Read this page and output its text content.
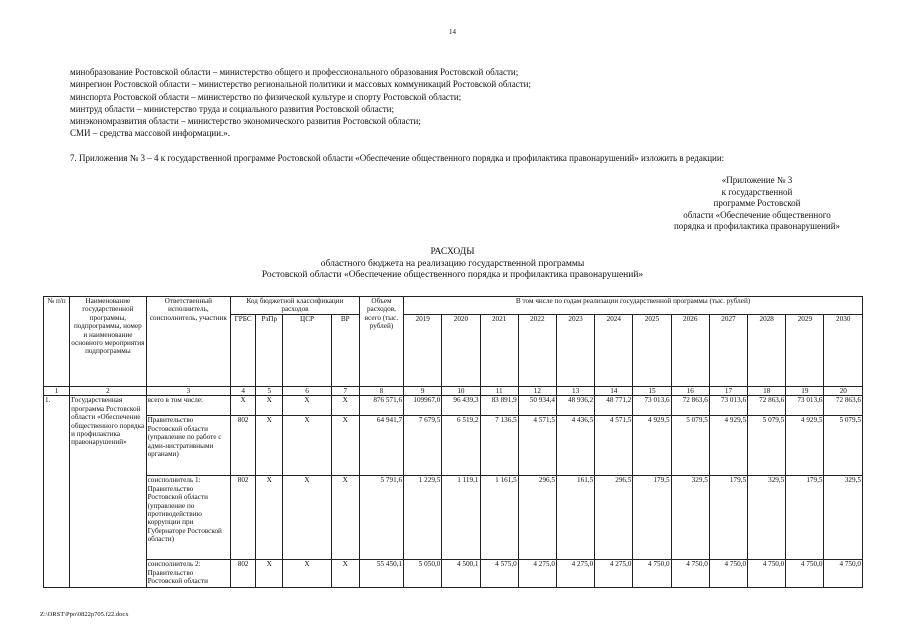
14
минобразование Ростовской области – министерство общего и профессионального образования Ростовской области;
минрегион Ростовской области – министерство региональной политики и массовых коммуникаций Ростовской области;
минспорта Ростовской области – министерство по физической культуре и спорту Ростовской области;
минтруд области – министерство труда и социального развития Ростовской области;
минэкономразвития области – министерство экономического развития Ростовской области;
СМИ – средства массовой информации.».
7. Приложения № 3 – 4 к государственной программе Ростовской области «Обеспечение общественного порядка и профилактика правонарушений» изложить в редакции:
«Приложение № 3
к государственной
программе Ростовской
области «Обеспечение общественного
порядка и профилактика правонарушений»
РАСХОДЫ
областного бюджета на реализацию государственной программы
Ростовской области «Обеспечение общественного порядка и профилактика правонарушений»
№ п/п	Наименование государственной программы, подпрограммы, номер и наименование основного мероприятия подпрограммы	Ответственный исполнитель, соисполнитель, участник	Код бюджетной классификации расходов				Объем расходов, всего (тыс. рублей)	В том числе по годам реализации государственной программы (тыс. рублей)											
			ГРБС	РзПр	ЦСР	ВР		2019	2020	2021	2022	2023	2024	2025	2026	2027	2028	2029	2030
1	2	3	4	5	6	7	8	9	10	11	12	13	14	15	16	17	18	19	20
1.	Государственная программа Ростовской области «Обеспечение общественного порядка и профилактика правонарушений»	всего в том числе:	Х	Х	Х	Х	876 571,6	109967,0	96 439,3	83 891,9	50 934,4	48 936,2	48 771,2	73 013,6	72 863,6	73 013,6	72 863,6	73 013,6	72 863,6
		Правительство Ростовской области (управление по работе с адми-нистративными органами)	802	Х	Х	Х	64 941,7	7 679,5	6 519,2	7 136,5	4 571,5	4 436,5	4 571,5	4 929,5	5 079,5	4 929,5	5 079,5	4 929,5	5 079,5
		соисполнитель 1: Правительство Ростовской области (управление по противодействию коррупции при Губернаторе Ростовской области)	802	Х	Х	Х	5 791,6	1 229,5	1 119,1	1 161,5	296,5	161,5	296,5	179,5	329,5	179,5	329,5	179,5	329,5
		соисполнитель 2: Правительство Ростовской области	802	Х	Х	Х	55 450,1	5 050,0	4 500,1	4 575,0	4 275,0	4 275,0	4 275,0	4 750,0	4 750,0	4 750,0	4 750,0	4 750,0	4 750,0
Z:\ORST\Ppo\0822p705.f22.docx
